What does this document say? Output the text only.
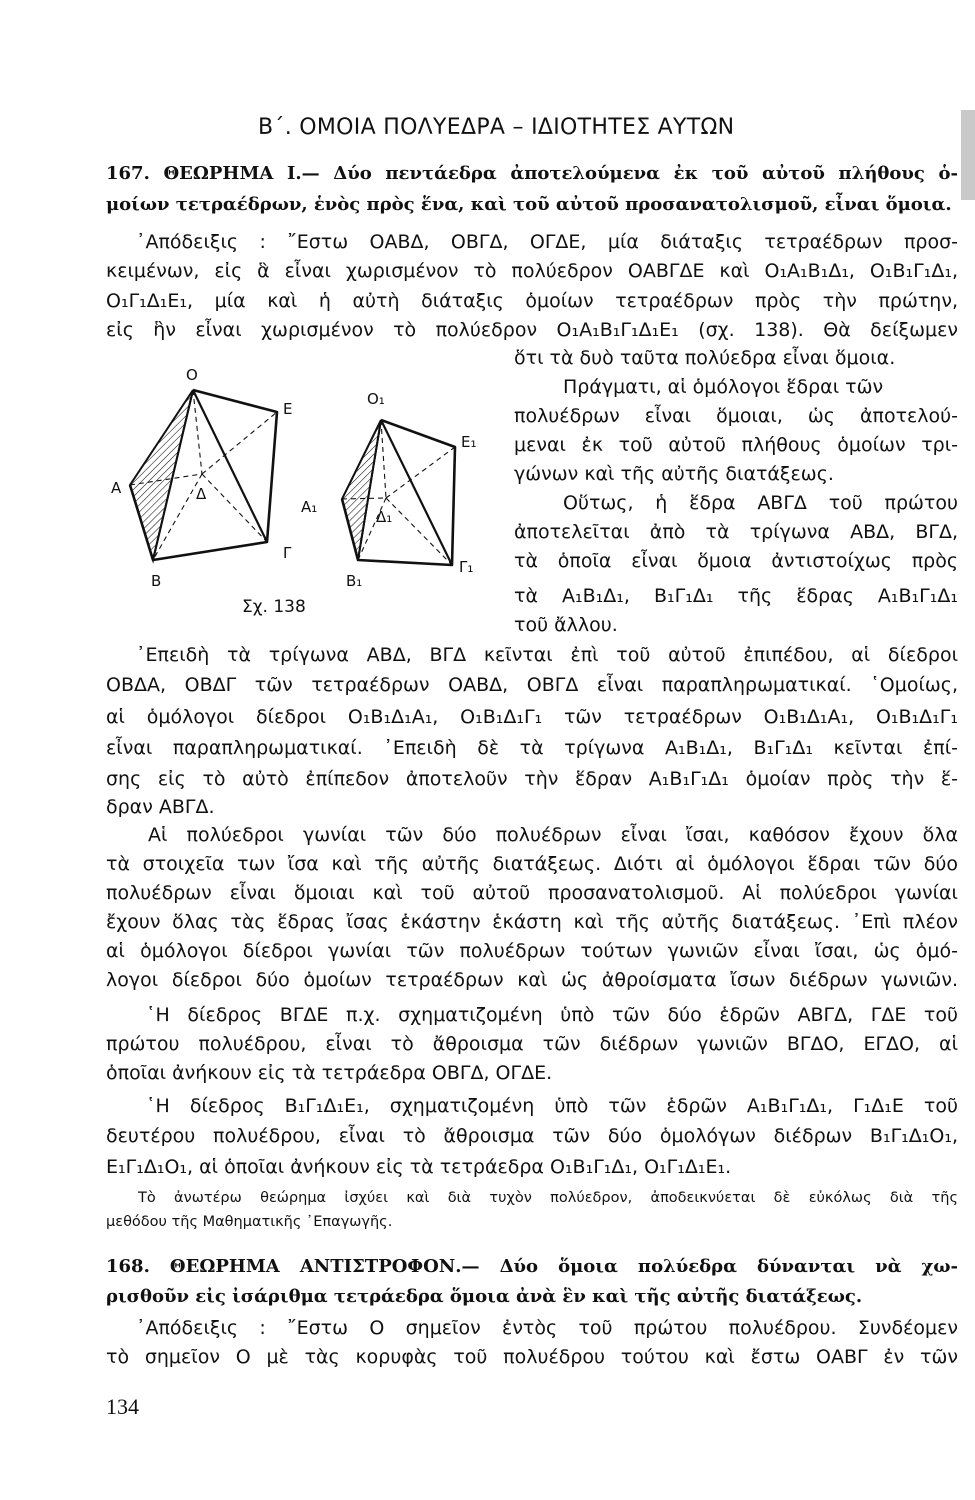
Β΄. ΟΜΟΙΑ ΠΟΛΥΕΔΡΑ – ΙΔΙΟΤΗΤΕΣ ΑΥΤΩΝ
167. ΘΕΩΡΗΜΑ Ι.— Δύο πεντάεδρα ἀποτελούμενα ἐκ τοῦ αὐτοῦ πλήθους ὁ-
μοίων τετραέδρων, ἑνὸς πρὸς ἕνα, καὶ τοῦ αὐτοῦ προσανατολισμοῦ, εἶναι ὅμοια.
᾽Απόδειξις : ῎Εστω ΟΑΒΔ, ΟΒΓΔ, ΟΓΔΕ, μία διάταξις τετραέδρων προσ-
κειμένων, εἰς ἃ εἶναι χωρισμένον τὸ πολύεδρον ΟΑΒΓΔΕ καὶ Ο₁Α₁Β₁Δ₁, Ο₁Β₁Γ₁Δ₁,
Ο₁Γ₁Δ₁Ε₁, μία καὶ ἡ αὐτὴ διάταξις ὁμοίων τετραέδρων πρὸς τὴν πρώτην,
εἰς ἣν εἶναι χωρισμένον τὸ πολύεδρον Ο₁Α₁Β₁Γ₁Δ₁Ε₁ (σχ. 138). Θὰ δείξωμεν
ὅτι τὰ δυὸ ταῦτα πολύεδρα εἶναι ὅμοια.
Πράγματι, αἱ ὁμόλογοι ἕδραι τῶν
πολυέδρων εἶναι ὅμοιαι, ὡς ἀποτελού-
μεναι ἐκ τοῦ αὐτοῦ πλήθους ὁμοίων τρι-
γώνων καὶ τῆς αὐτῆς διατάξεως.
Οὕτως, ἡ ἕδρα ΑΒΓΔ τοῦ πρώτου
ἀποτελεῖται ἀπὸ τὰ τρίγωνα ΑΒΔ, ΒΓΔ,
τὰ ὁποῖα εἶναι ὅμοια ἀντιστοίχως πρὸς
τὰ Α₁Β₁Δ₁, Β₁Γ₁Δ₁ τῆς ἕδρας Α₁Β₁Γ₁Δ₁
τοῦ ἄλλου.
Ο
Ε
Α	Δ
Β
Γ
Ο₁
Ε₁
Α₁
Δ₁
Β₁
Γ₁
Σχ. 138
᾽Επειδὴ τὰ τρίγωνα ΑΒΔ, ΒΓΔ κεῖνται ἐπὶ τοῦ αὐτοῦ ἐπιπέδου, αἱ δίεδροι
ΟΒΔΑ, ΟΒΔΓ τῶν τετραέδρων ΟΑΒΔ, ΟΒΓΔ εἶναι παραπληρωματικαί. ῾Ομοίως,
αἱ ὁμόλογοι δίεδροι Ο₁Β₁Δ₁Α₁, Ο₁Β₁Δ₁Γ₁ τῶν τετραέδρων Ο₁Β₁Δ₁Α₁, Ο₁Β₁Δ₁Γ₁
εἶναι παραπληρωματικαί. ᾽Επειδὴ δὲ τὰ τρίγωνα Α₁Β₁Δ₁, Β₁Γ₁Δ₁ κεῖνται ἐπί-
σης εἰς τὸ αὐτὸ ἐπίπεδον ἀποτελοῦν τὴν ἕδραν Α₁Β₁Γ₁Δ₁ ὁμοίαν πρὸς τὴν ἕ-
δραν ΑΒΓΔ.
Αἱ πολύεδροι γωνίαι τῶν δύο πολυέδρων εἶναι ἴσαι, καθόσον ἔχουν ὅλα
τὰ στοιχεῖα των ἴσα καὶ τῆς αὐτῆς διατάξεως. Διότι αἱ ὁμόλογοι ἕδραι τῶν δύο
πολυέδρων εἶναι ὅμοιαι καὶ τοῦ αὐτοῦ προσανατολισμοῦ. Αἱ πολύεδροι γωνίαι
ἔχουν ὅλας τὰς ἕδρας ἴσας ἑκάστην ἑκάστη καὶ τῆς αὐτῆς διατάξεως. ᾽Επὶ πλέον
αἱ ὁμόλογοι δίεδροι γωνίαι τῶν πολυέδρων τούτων γωνιῶν εἶναι ἴσαι, ὡς ὁμό-
λογοι δίεδροι δύο ὁμοίων τετραέδρων καὶ ὡς ἀθροίσματα ἴσων διέδρων γωνιῶν.
῾Η δίεδρος ΒΓΔΕ π.χ. σχηματιζομένη ὑπὸ τῶν δύο ἑδρῶν ΑΒΓΔ, ΓΔΕ τοῦ
πρώτου πολυέδρου, εἶναι τὸ ἄθροισμα τῶν διέδρων γωνιῶν ΒΓΔΟ, ΕΓΔΟ, αἱ
ὁποῖαι ἀνήκουν εἰς τὰ τετράεδρα ΟΒΓΔ, ΟΓΔΕ.
῾Η δίεδρος Β₁Γ₁Δ₁Ε₁, σχηματιζομένη ὑπὸ τῶν ἑδρῶν Α₁Β₁Γ₁Δ₁, Γ₁Δ₁Ε τοῦ
δευτέρου πολυέδρου, εἶναι τὸ ἄθροισμα τῶν δύο ὁμολόγων διέδρων Β₁Γ₁Δ₁Ο₁,
Ε₁Γ₁Δ₁Ο₁, αἱ ὁποῖαι ἀνήκουν εἰς τὰ τετράεδρα Ο₁Β₁Γ₁Δ₁, Ο₁Γ₁Δ₁Ε₁.
Τὸ ἀνωτέρω θεώρημα ἰσχύει καὶ διὰ τυχὸν πολύεδρον, ἀποδεικνύεται δὲ εὐκόλως διὰ τῆς
μεθόδου τῆς Μαθηματικῆς ᾽Επαγωγῆς.
168. ΘΕΩΡΗΜΑ ΑΝΤΙΣΤΡΟΦΟΝ.— Δύο ὅμοια πολύεδρα δύνανται νὰ χω-
ρισθοῦν εἰς ἰσάριθμα τετράεδρα ὅμοια ἀνὰ ἓν καὶ τῆς αὐτῆς διατάξεως.
᾽Απόδειξις : ῎Εστω Ο σημεῖον ἐντὸς τοῦ πρώτου πολυέδρου. Συνδέομεν
τὸ σημεῖον Ο μὲ τὰς κορυφὰς τοῦ πολυέδρου τούτου καὶ ἔστω ΟΑΒΓ ἐν τῶν
134
